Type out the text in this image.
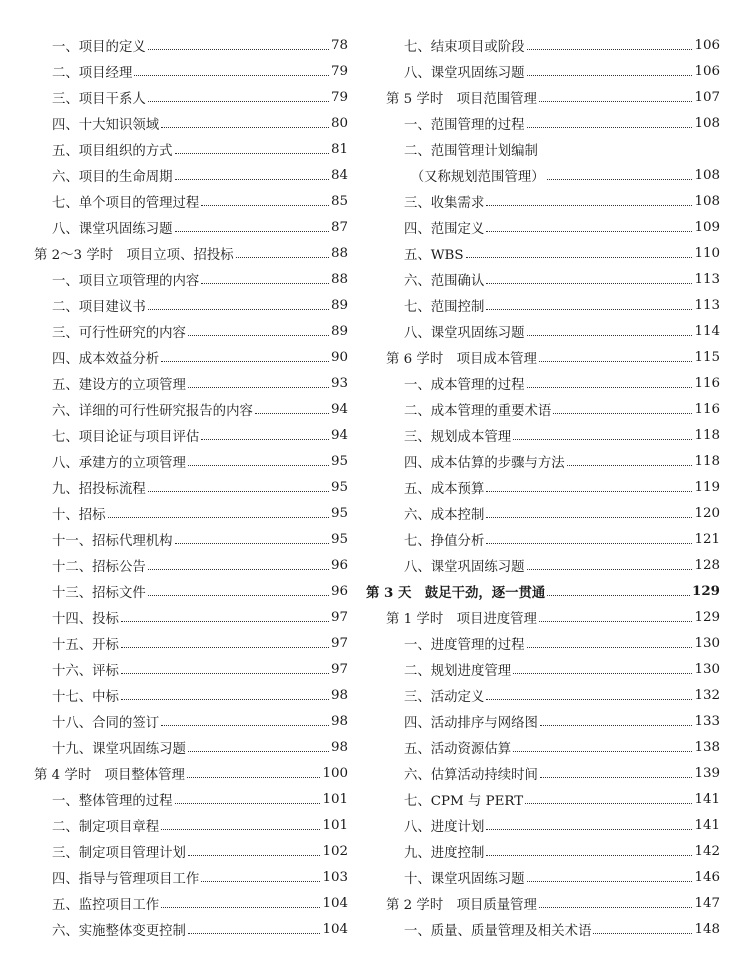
一、项目的定义	78
二、项目经理	79
三、项目干系人	79
四、十大知识领域	80
五、项目组织的方式	81
六、项目的生命周期	84
七、单个项目的管理过程	85
八、课堂巩固练习题	87
第 2～3 学时　项目立项、招投标	88
一、项目立项管理的内容	88
二、项目建议书	89
三、可行性研究的内容	89
四、成本效益分析	90
五、建设方的立项管理	93
六、详细的可行性研究报告的内容	94
七、项目论证与项目评估	94
八、承建方的立项管理	95
九、招投标流程	95
十、招标	95
十一、招标代理机构	95
十二、招标公告	96
十三、招标文件	96
十四、投标	97
十五、开标	97
十六、评标	97
十七、中标	98
十八、合同的签订	98
十九、课堂巩固练习题	98
第 4 学时　项目整体管理	100
一、整体管理的过程	101
二、制定项目章程	101
三、制定项目管理计划	102
四、指导与管理项目工作	103
五、监控项目工作	104
六、实施整体变更控制	104
七、结束项目或阶段	106
八、课堂巩固练习题	106
第 5 学时　项目范围管理	107
一、范围管理的过程	108
二、范围管理计划编制
　（又称规划范围管理）	108
三、收集需求	108
四、范围定义	109
五、WBS	110
六、范围确认	113
七、范围控制	113
八、课堂巩固练习题	114
第 6 学时　项目成本管理	115
一、成本管理的过程	116
二、成本管理的重要术语	116
三、规划成本管理	118
四、成本估算的步骤与方法	118
五、成本预算	119
六、成本控制	120
七、挣值分析	121
八、课堂巩固练习题	128
第 3 天　鼓足干劲，逐一贯通	129
第 1 学时　项目进度管理	129
一、进度管理的过程	130
二、规划进度管理	130
三、活动定义	132
四、活动排序与网络图	133
五、活动资源估算	138
六、估算活动持续时间	139
七、CPM 与 PERT	141
八、进度计划	141
九、进度控制	142
十、课堂巩固练习题	146
第 2 学时　项目质量管理	147
一、质量、质量管理及相关术语	148
